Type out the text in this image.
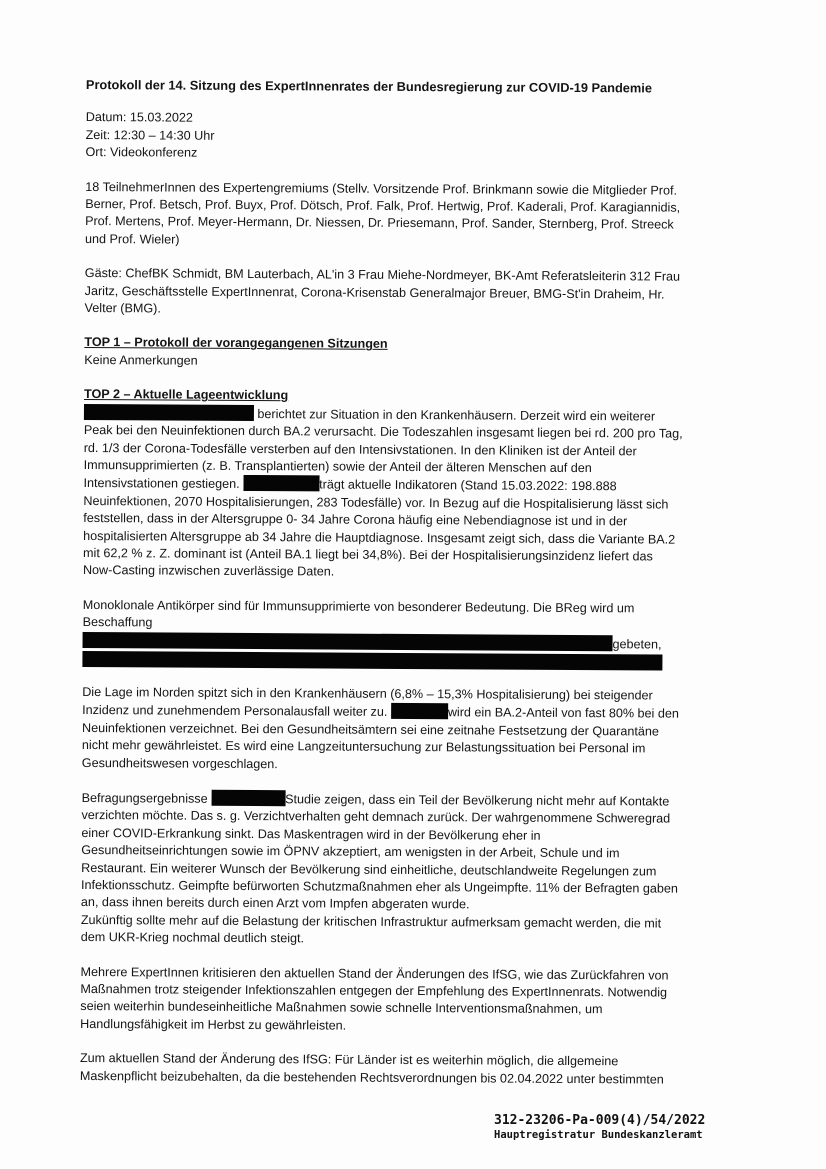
Protokoll der 14. Sitzung des ExpertInnenrates der Bundesregierung zur COVID-19 Pandemie

Datum: 15.03.2022

Zeit: 12:30 – 14:30 Uhr

Ort: Videokonferenz

18 TeilnehmerInnen des Expertengremiums (Stellv. Vorsitzende Prof. Brinkmann sowie die Mitglieder Prof. Berner, Prof. Betsch, Prof. Buyx, Prof. Dötsch, Prof. Falk, Prof. Hertwig, Prof. Kaderali, Prof. Karagiannidis, Prof. Mertens, Prof. Meyer-Hermann, Dr. Niessen, Dr. Priesemann, Prof. Sander, Sternberg, Prof. Streeck und Prof. Wieler)

Gäste: ChefBK Schmidt, BM Lauterbach, AL'in 3 Frau Miehe-Nordmeyer, BK-Amt Referatsleiterin 312 Frau Jaritz, Geschäftsstelle ExpertInnenrat, Corona-Krisenstab Generalmajor Breuer, BMG-St'in Draheim, Hr. Velter (BMG).

TOP 1 – Protokoll der vorangegangenen Sitzungen

Keine Anmerkungen

TOP 2 – Aktuelle Lageentwicklung

berichtet zur Situation in den Krankenhäusern. Derzeit wird ein weiterer Peak bei den Neuinfektionen durch BA.2 verursacht. Die Todeszahlen insgesamt liegen bei rd. 200 pro Tag, rd. 1/3 der Corona-Todesfälle versterben auf den Intensivstationen. In den Kliniken ist der Anteil der Immunsupprimierten (z. B. Transplantierten) sowie der Anteil der älteren Menschen auf den Intensivstationen gestiegen.	trägt aktuelle Indikatoren (Stand 15.03.2022: 198.888 Neuinfektionen, 2070 Hospitalisierungen, 283 Todesfälle) vor. In Bezug auf die Hospitalisierung lässt sich feststellen, dass in der Altersgruppe 0- 34 Jahre Corona häufig eine Nebendiagnose ist und in der hospitalisierten Altersgruppe ab 34 Jahre die Hauptdiagnose. Insgesamt zeigt sich, dass die Variante BA.2 mit 62,2 % z. Z. dominant ist (Anteil BA.1 liegt bei 34,8%). Bei der Hospitalisierungsinzidenz liefert das Now-Casting inzwischen zuverlässige Daten.

Monoklonale Antikörper sind für Immunsupprimierte von besonderer Bedeutung. Die BReg wird um Beschaffung gebeten,

Die Lage im Norden spitzt sich in den Krankenhäusern (6,8% – 15,3% Hospitalisierung) bei steigender Inzidenz und zunehmendem Personalausfall weiter zu.	wird ein BA.2-Anteil von fast 80% bei den Neuinfektionen verzeichnet. Bei den Gesundheitsämtern sei eine zeitnahe Festsetzung der Quarantäne nicht mehr gewährleistet. Es wird eine Langzeituntersuchung zur Belastungssituation bei Personal im Gesundheitswesen vorgeschlagen.

Befragungsergebnisse	Studie zeigen, dass ein Teil der Bevölkerung nicht mehr auf Kontakte verzichten möchte. Das s. g. Verzichtverhalten geht demnach zurück. Der wahrgenommene Schweregrad einer COVID-Erkrankung sinkt. Das Maskentragen wird in der Bevölkerung eher in Gesundheitseinrichtungen sowie im ÖPNV akzeptiert, am wenigsten in der Arbeit, Schule und im Restaurant. Ein weiterer Wunsch der Bevölkerung sind einheitliche, deutschlandweite Regelungen zum Infektionsschutz. Geimpfte befürworten Schutzmaßnahmen eher als Ungeimpfte. 11% der Befragten gaben an, dass ihnen bereits durch einen Arzt vom Impfen abgeraten wurde.

Zukünftig sollte mehr auf die Belastung der kritischen Infrastruktur aufmerksam gemacht werden, die mit dem UKR-Krieg nochmal deutlich steigt.

Mehrere ExpertInnen kritisieren den aktuellen Stand der Änderungen des IfSG, wie das Zurückfahren von Maßnahmen trotz steigender Infektionszahlen entgegen der Empfehlung des ExpertInnenrats. Notwendig seien weiterhin bundeseinheitliche Maßnahmen sowie schnelle Interventionsmaßnahmen, um Handlungsfähigkeit im Herbst zu gewährleisten.

Zum aktuellen Stand der Änderung des IfSG: Für Länder ist es weiterhin möglich, die allgemeine Maskenpflicht beizubehalten, da die bestehenden Rechtsverordnungen bis 02.04.2022 unter bestimmten

312-23206-Pa-009(4)/54/2022
Hauptregistratur Bundeskanzleramt
